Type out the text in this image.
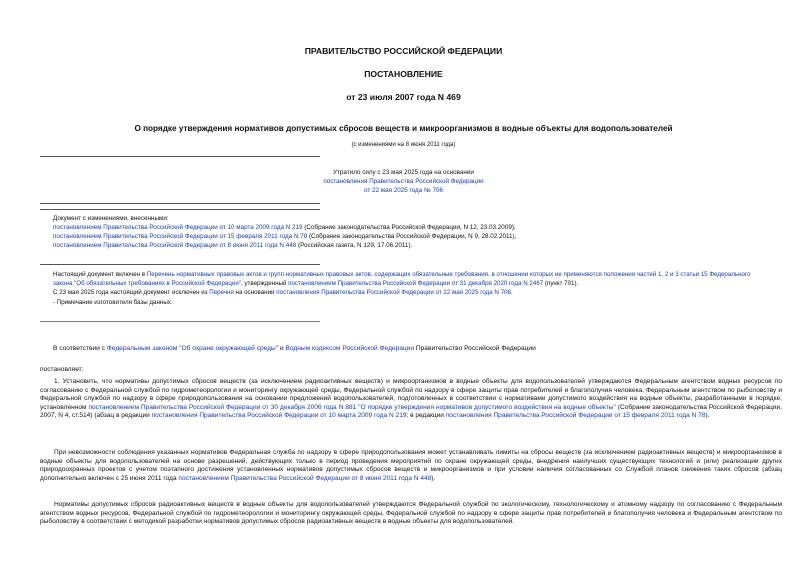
ПРАВИТЕЛЬСТВО РОССИЙСКОЙ ФЕДЕРАЦИИ
ПОСТАНОВЛЕНИЕ
от 23 июля 2007 года N 469
О порядке утверждения нормативов допустимых сбросов веществ и микроорганизмов в водные объекты для водопользователей
(с изменениями на 8 июня 2011 года)
Утратило силу с 23 мая 2025 года на основании
постановления Правительства Российской Федерации
от 22 мая 2025 года № 706
Документ с изменениями, внесенными:
постановлением Правительства Российской Федерации от 10 марта 2009 года N 219 (Собрание законодательства Российской Федерации, N 12, 23.03.2009);
постановлением Правительства Российской Федерации от 15 февраля 2011 года N 78 (Собрание законодательства Российской Федерации, N 9, 28.02.2011);
постановлением Правительства Российской Федерации от 8 июня 2011 года N 448 (Российская газета, N 129, 17.06.2011).
Настоящий документ включен в Перечень нормативных правовых актов и групп нормативных правовых актов, содержащих обязательные требования, в отношении которых не применяются положения частей 1, 2 и 3 статьи 15 Федерального закона "Об обязательных требованиях в Российской Федерации", утвержденный постановлением Правительства Российской Федерации от 31 декабря 2020 года N 2467 (пункт 701).
С 23 мая 2025 года настоящий документ исключен из Перечня на основании постановления Правительства Российской Федерации от 22 мая 2025 года N 706.
- Примечание изготовителя базы данных.
В соответствии с Федеральным законом "Об охране окружающей среды" и Водным кодексом Российской Федерации Правительство Российской Федерации
постановляет:
1. Установить, что нормативы допустимых сбросов веществ (за исключением радиоактивных веществ) и микроорганизмов в водные объекты для водопользователей утверждаются Федеральным агентством водных ресурсов по согласованию с Федеральной службой по гидрометеорологии и мониторингу окружающей среды, Федеральной службой по надзору в сфере защиты прав потребителей и благополучия человека, Федеральным агентством по рыболовству и Федеральной службой по надзору в сфере природопользования на основании предложений водопользователей, подготовленных в соответствии с нормативами допустимого воздействия на водные объекты, разработанными в порядке, установленном постановлением Правительства Российской Федерации от 30 декабря 2006 года N 881 "О порядке утверждения нормативов допустимого воздействия на водные объекты" (Собрание законодательства Российской Федерации, 2007, N 4, ст.514) (абзац в редакции постановления Правительства Российской Федерации от 10 марта 2009 года N 219; в редакции постановления Правительства Российской Федерации от 15 февраля 2011 года N 78).
При невозможности соблюдения указанных нормативов Федеральная служба по надзору в сфере природопользования может устанавливать лимиты на сбросы веществ (за исключением радиоактивных веществ) и микроорганизмов в водные объекты для водопользователей на основе разрешений, действующих только в период проведения мероприятий по охране окружающей среды, внедрения наилучших существующих технологий и (или) реализации других природоохранных проектов с учетом поэтапного достижения установленных нормативов допустимых сбросов веществ и микроорганизмов и при условии наличия согласованных со Службой планов снижения таких сбросов (абзац дополнительно включен с 25 июня 2011 года постановлением Правительства Российской Федерации от 8 июня 2011 года N 448).
Нормативы допустимых сбросов радиоактивных веществ в водные объекты для водопользователей утверждаются Федеральной службой по экологическому, технологическому и атомному надзору по согласованию с Федеральным агентством водных ресурсов, Федеральной службой по гидрометеорологии и мониторингу окружающей среды, Федеральной службой по надзору в сфере защиты прав потребителей и благополучия человека и Федеральным агентством по рыболовству в соответствии с методикой разработки нормативов допустимых сбросов радиоактивных веществ в водные объекты для водопользователей.
